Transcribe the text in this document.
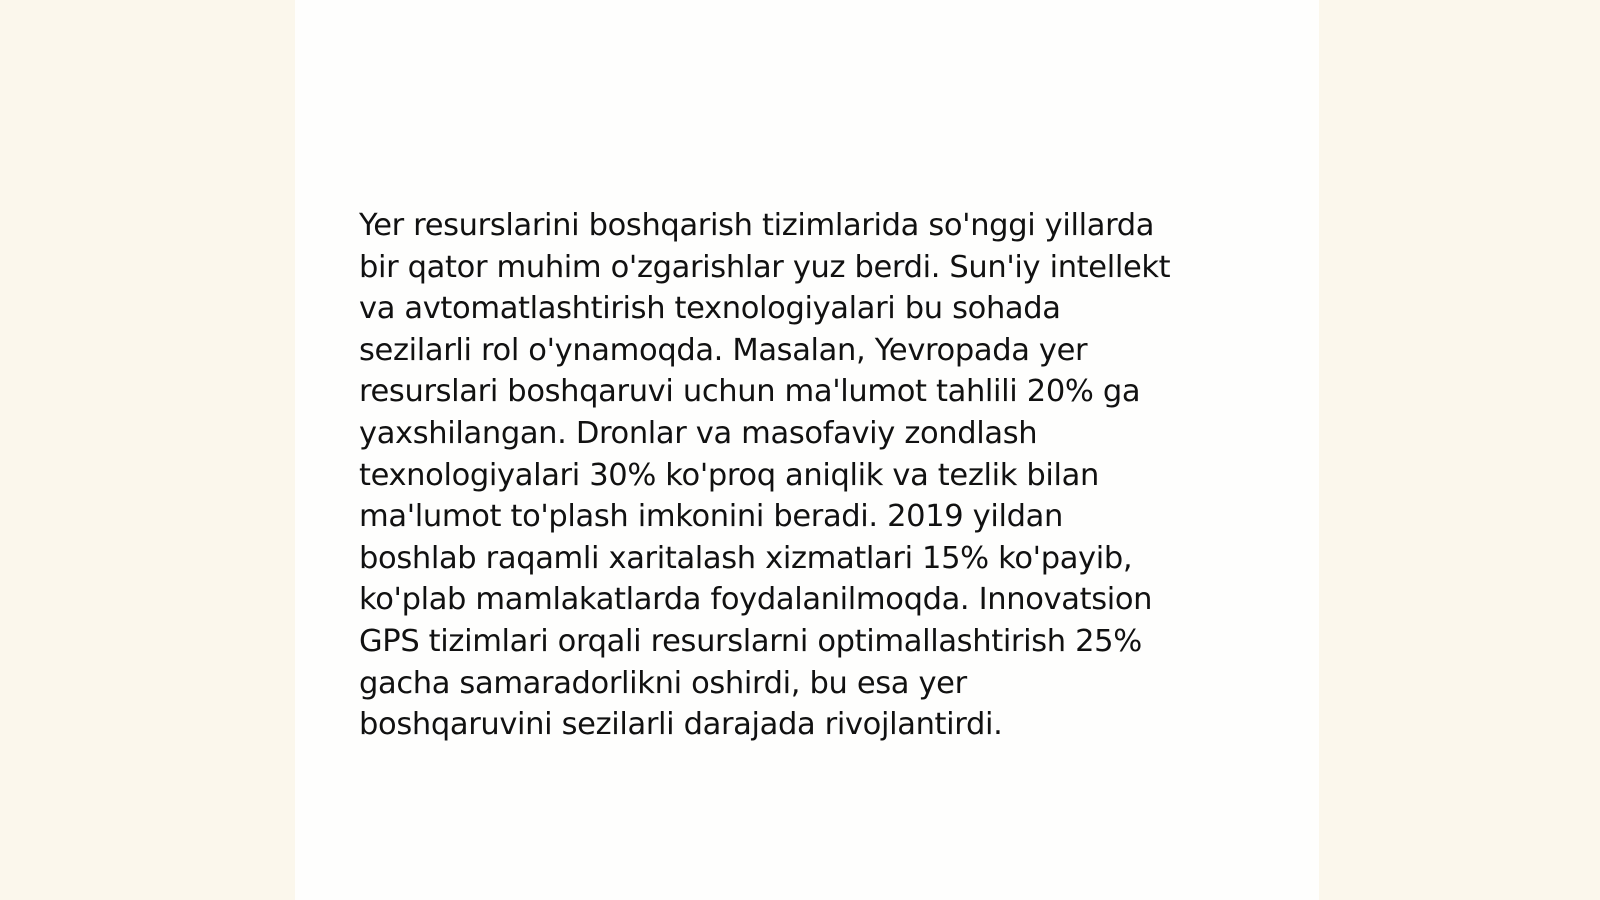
Yer resurslarini boshqarish tizimlarida so'nggi yillarda
bir qator muhim o'zgarishlar yuz berdi. Sun'iy intellekt
va avtomatlashtirish texnologiyalari bu sohada
sezilarli rol o'ynamoqda. Masalan, Yevropada yer
resurslari boshqaruvi uchun ma'lumot tahlili 20% ga
yaxshilangan. Dronlar va masofaviy zondlash
texnologiyalari 30% ko'proq aniqlik va tezlik bilan
ma'lumot to'plash imkonini beradi. 2019 yildan
boshlab raqamli xaritalash xizmatlari 15% ko'payib,
ko'plab mamlakatlarda foydalanilmoqda. Innovatsion
GPS tizimlari orqali resurslarni optimallashtirish 25%
gacha samaradorlikni oshirdi, bu esa yer
boshqaruvini sezilarli darajada rivojlantirdi.
